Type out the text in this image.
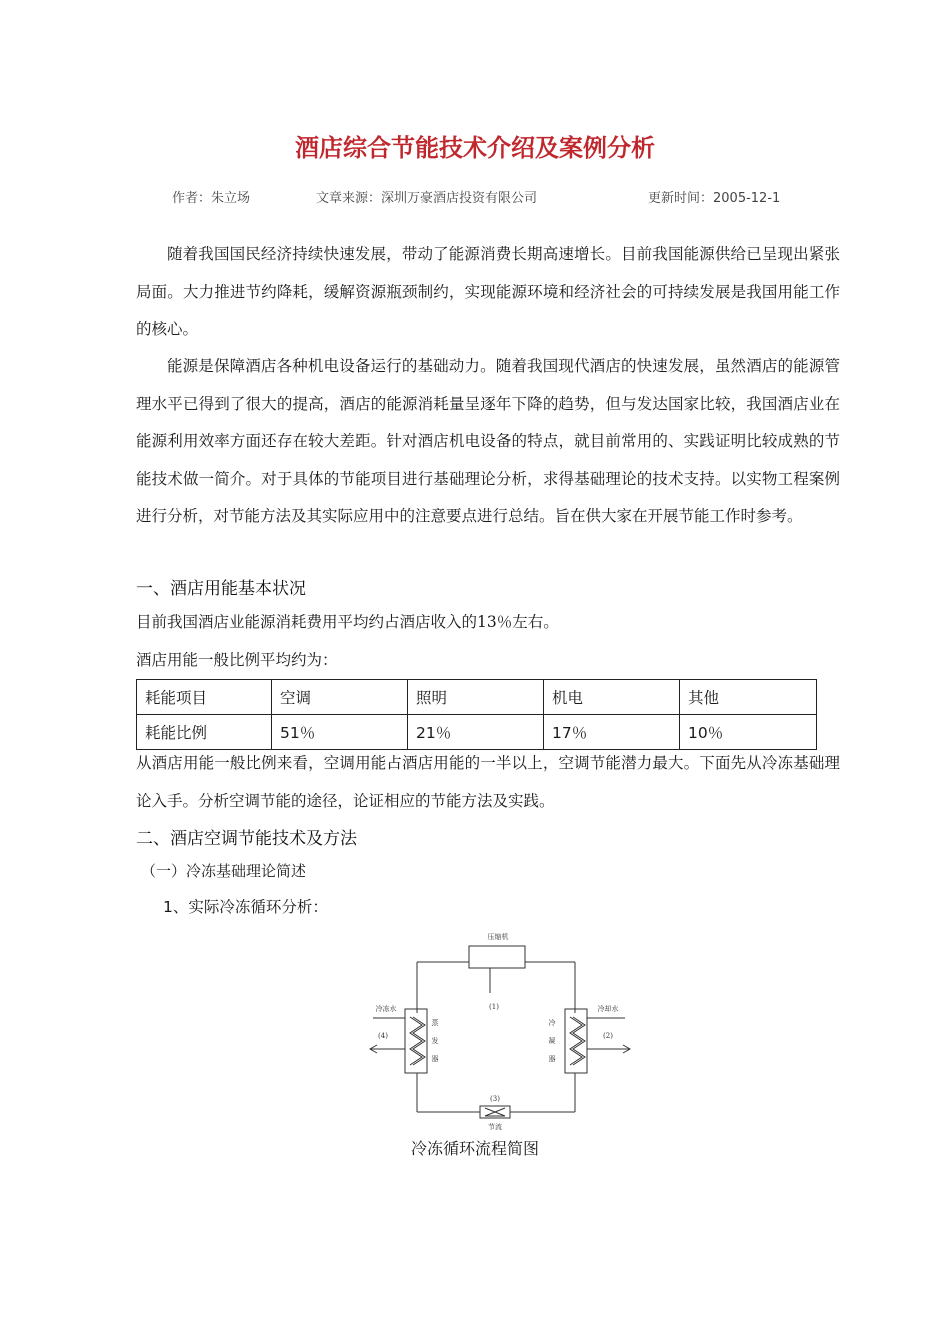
酒店综合节能技术介绍及案例分析
作者：朱立场	文章来源：深圳万豪酒店投资有限公司	更新时间：2005-12-1
随着我国国民经济持续快速发展，带动了能源消费长期高速增长。目前我国能源供给已呈现出紧张局面。大力推进节约降耗，缓解资源瓶颈制约，实现能源环境和经济社会的可持续发展是我国用能工作的核心。
能源是保障酒店各种机电设备运行的基础动力。随着我国现代酒店的快速发展，虽然酒店的能源管理水平已得到了很大的提高，酒店的能源消耗量呈逐年下降的趋势，但与发达国家比较，我国酒店业在能源利用效率方面还存在较大差距。针对酒店机电设备的特点，就目前常用的、实践证明比较成熟的节能技术做一简介。对于具体的节能项目进行基础理论分析，求得基础理论的技术支持。以实物工程案例进行分析，对节能方法及其实际应用中的注意要点进行总结。旨在供大家在开展节能工作时参考。
一、酒店用能基本状况
目前我国酒店业能源消耗费用平均约占酒店收入的13％左右。
酒店用能一般比例平均约为：
耗能项目	空调	照明	机电	其他
耗能比例	51％	21％	17％	10％
从酒店用能一般比例来看，空调用能占酒店用能的一半以上，空调节能潜力最大。下面先从冷冻基础理论入手。分析空调节能的途径，论证相应的节能方法及实践。
二、酒店空调节能技术及方法
（一）冷冻基础理论简述
1、实际冷冻循环分析：
压缩机
(1)
蒸
发
器
冷冻水
(4)
冷
凝
器
冷却水
(2)
(3)
节流
冷冻循环流程简图
